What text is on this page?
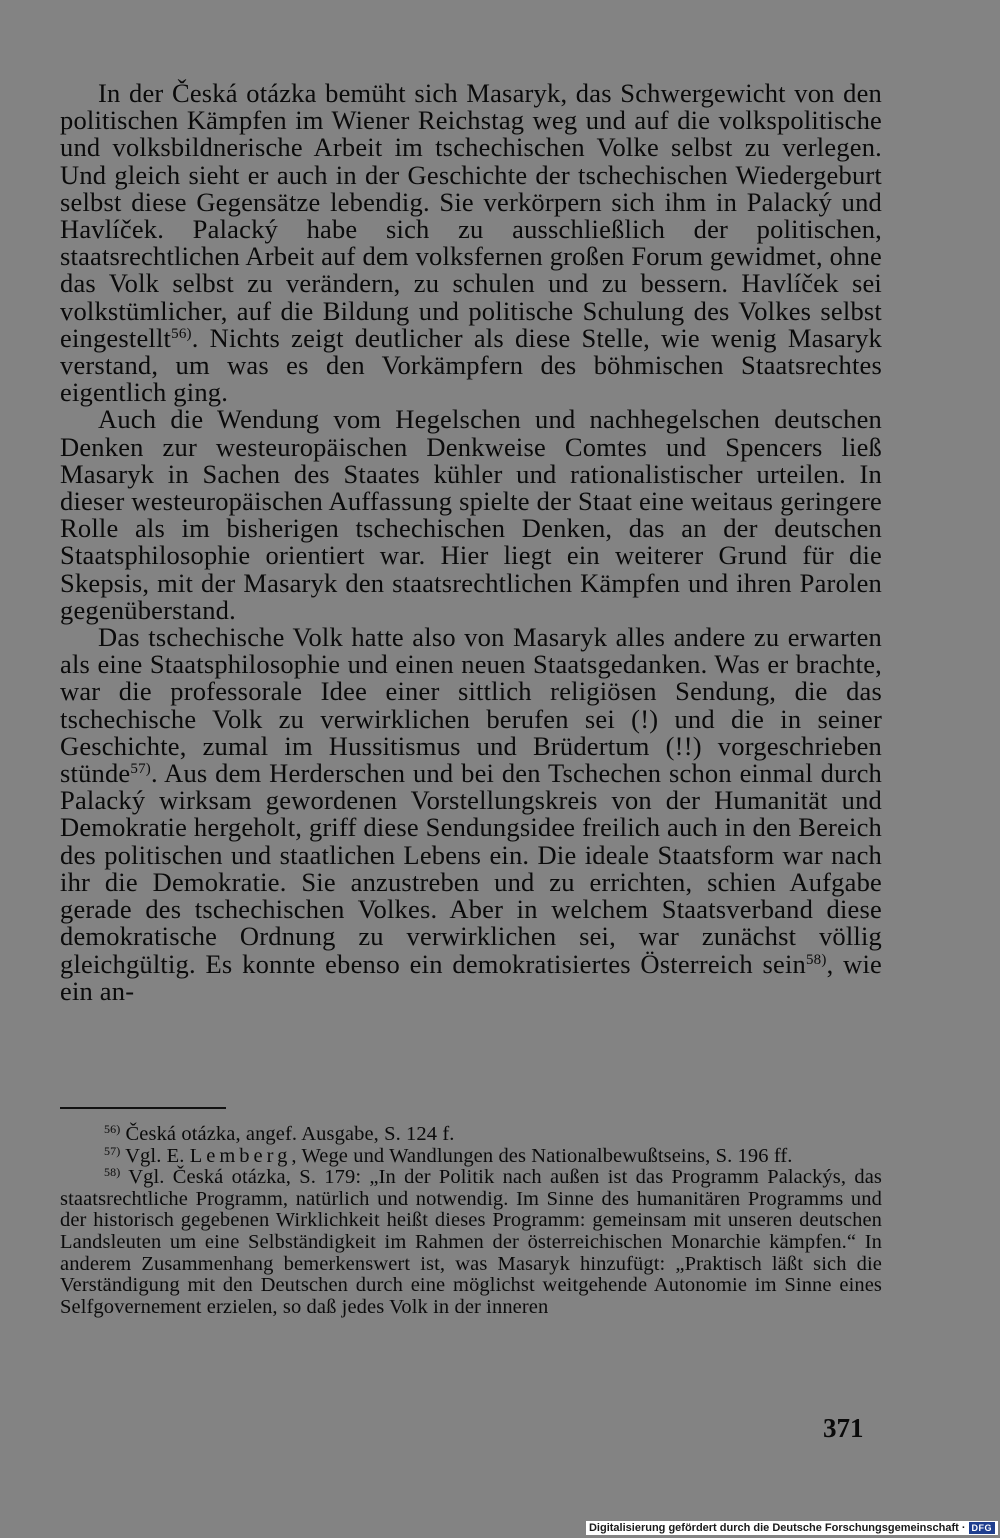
In der Česká otázka bemüht sich Masaryk, das Schwergewicht von den politischen Kämpfen im Wiener Reichstag weg und auf die volkspolitische und volksbildnerische Arbeit im tschechischen Volke selbst zu verlegen. Und gleich sieht er auch in der Geschichte der tschechischen Wiedergeburt selbst diese Gegensätze lebendig. Sie verkörpern sich ihm in Palacký und Havlíček. Palacký habe sich zu ausschließlich der politischen, staatsrechtlichen Arbeit auf dem volksfernen großen Forum gewidmet, ohne das Volk selbst zu verändern, zu schulen und zu bessern. Havlíček sei volkstümlicher, auf die Bildung und politische Schulung des Volkes selbst eingestellt$^{56)}$. Nichts zeigt deutlicher als diese Stelle, wie wenig Masaryk verstand, um was es den Vorkämpfern des böhmischen Staatsrechtes eigentlich ging.

Auch die Wendung vom Hegelschen und nachhegelschen deutschen Denken zur westeuropäischen Denkweise Comtes und Spencers ließ Masaryk in Sachen des Staates kühler und rationalistischer urteilen. In dieser westeuropäischen Auffassung spielte der Staat eine weitaus geringere Rolle als im bisherigen tschechischen Denken, das an der deutschen Staatsphilosophie orientiert war. Hier liegt ein weiterer Grund für die Skepsis, mit der Masaryk den staatsrechtlichen Kämpfen und ihren Parolen gegenüberstand.

Das tschechische Volk hatte also von Masaryk alles andere zu erwarten als eine Staatsphilosophie und einen neuen Staatsgedanken. Was er brachte, war die professorale Idee einer sittlich religiösen Sendung, die das tschechische Volk zu verwirklichen berufen sei (!) und die in seiner Geschichte, zumal im Hussitismus und Brüdertum (!!) vorgeschrieben stünde$^{57)}$. Aus dem Herderschen und bei den Tschechen schon einmal durch Palacký wirksam gewordenen Vorstellungskreis von der Humanität und Demokratie hergeholt, griff diese Sendungsidee freilich auch in den Bereich des politischen und staatlichen Lebens ein. Die ideale Staatsform war nach ihr die Demokratie. Sie anzustreben und zu errichten, schien Aufgabe gerade des tschechischen Volkes. Aber in welchem Staatsverband diese demokratische Ordnung zu verwirklichen sei, war zunächst völlig gleichgültig. Es konnte ebenso ein demokratisiertes Österreich sein$^{58)}$, wie ein an-

$^{56)}$ Česká otázka, angef. Ausgabe, S. 124 f.

$^{57)}$ Vgl. E. Lemberg, Wege und Wandlungen des Nationalbewußtseins, S. 196 ff.

$^{58)}$ Vgl. Česká otázka, S. 179: „In der Politik nach außen ist das Programm Palackýs, das staatsrechtliche Programm, natürlich und notwendig. Im Sinne des humanitären Programms und der historisch gegebenen Wirklichkeit heißt dieses Programm: gemeinsam mit unseren deutschen Landsleuten um eine Selbständigkeit im Rahmen der österreichischen Monarchie kämpfen.“ In anderem Zusammenhang bemerkenswert ist, was Masaryk hinzufügt: „Praktisch läßt sich die Verständigung mit den Deutschen durch eine möglichst weitgehende Autonomie im Sinne eines Selfgovernement erzielen, so daß jedes Volk in der inneren

371
Digitalisierung gefördert durch die Deutsche Forschungsgemeinschaft · DFG
